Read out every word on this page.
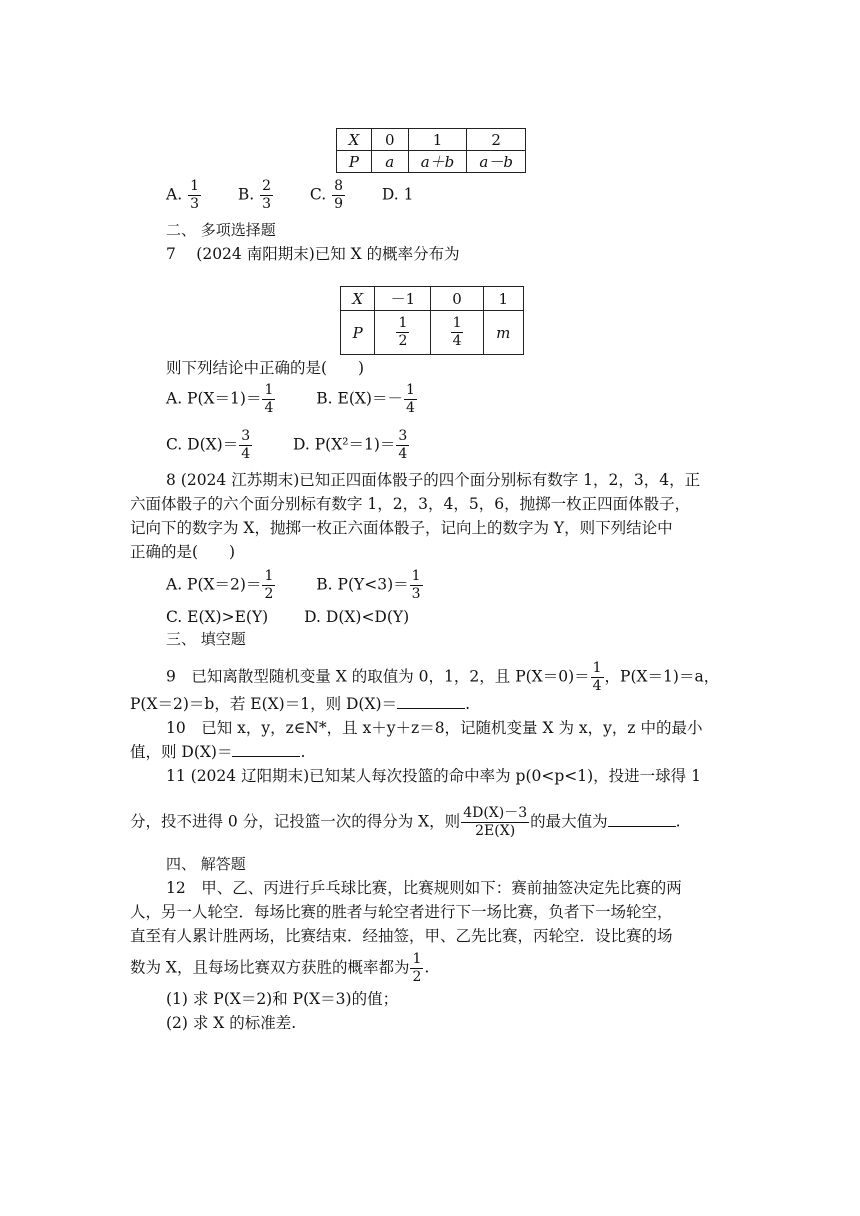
X	0	1	2
P	a	a＋b	a－b
A. $\frac{1}{3} B$. $\frac{2}{3} C$. $\frac{8}{9} D$. 1
二、 多项选择题
7　 (2024 南阳期末)已知 X 的概率分布为
X	－1	0	1
P	$\frac{1}{2}$	$\frac{1}{4}$	m
则下列结论中正确的是(　　)
A. $P(X=1)= \frac{1}{4}$	B. $E(X)=- \frac{1}{4}$
C. $D(X)= \frac{3}{4}$	D. $P(X^2=1)= \frac{3}{4}$
8 (2024 江苏期末)已知正四面体骰子的四个面分别标有数字 1，2，3，4，正
六面体骰子的六个面分别标有数字 1，2，3，4，5，6，抛掷一枚正四面体骰子，
记向下的数字为 X，抛掷一枚正六面体骰子，记向上的数字为 Y，则下列结论中
正确的是(　　)
A. $P(X=2)= \frac{1}{2}$	B. $P(Y<3)= \frac{1}{3}$
C. E(X)>E(Y)　　 D. D(X)<D(Y)
三、 填空题
9　已知离散型随机变量 X 的取值为 0，1，2，且 $P(X=0)= \frac{1}{4}$ ，P(X＝1)＝a，
P(X＝2)＝b，若 E(X)＝1，则 D(X)＝	.
10　已知 x，y，z∈N*，且 x＋y＋z＝8，记随机变量 X 为 x，y，z 中的最小
值，则 D(X)＝	.
11 (2024 辽阳期末)已知某人每次投篮的命中率为 p(0<p<1)，投进一球得 1
分，投不进得 0 分，记投篮一次的得分为 X，则 $\frac{4D(X)-3}{2E(X)}$ 的最大值为	.
四、 解答题
12　甲、乙、丙进行乒乓球比赛，比赛规则如下：赛前抽签决定先比赛的两
人，另一人轮空．每场比赛的胜者与轮空者进行下一场比赛，负者下一场轮空，
直至有人累计胜两场，比赛结束．经抽签，甲、乙先比赛，丙轮空．设比赛的场
数为 X，且每场比赛双方获胜的概率都为 $\frac{1}{2}$ .
(1) 求 P(X＝2)和 P(X＝3)的值；
(2) 求 X 的标准差.
